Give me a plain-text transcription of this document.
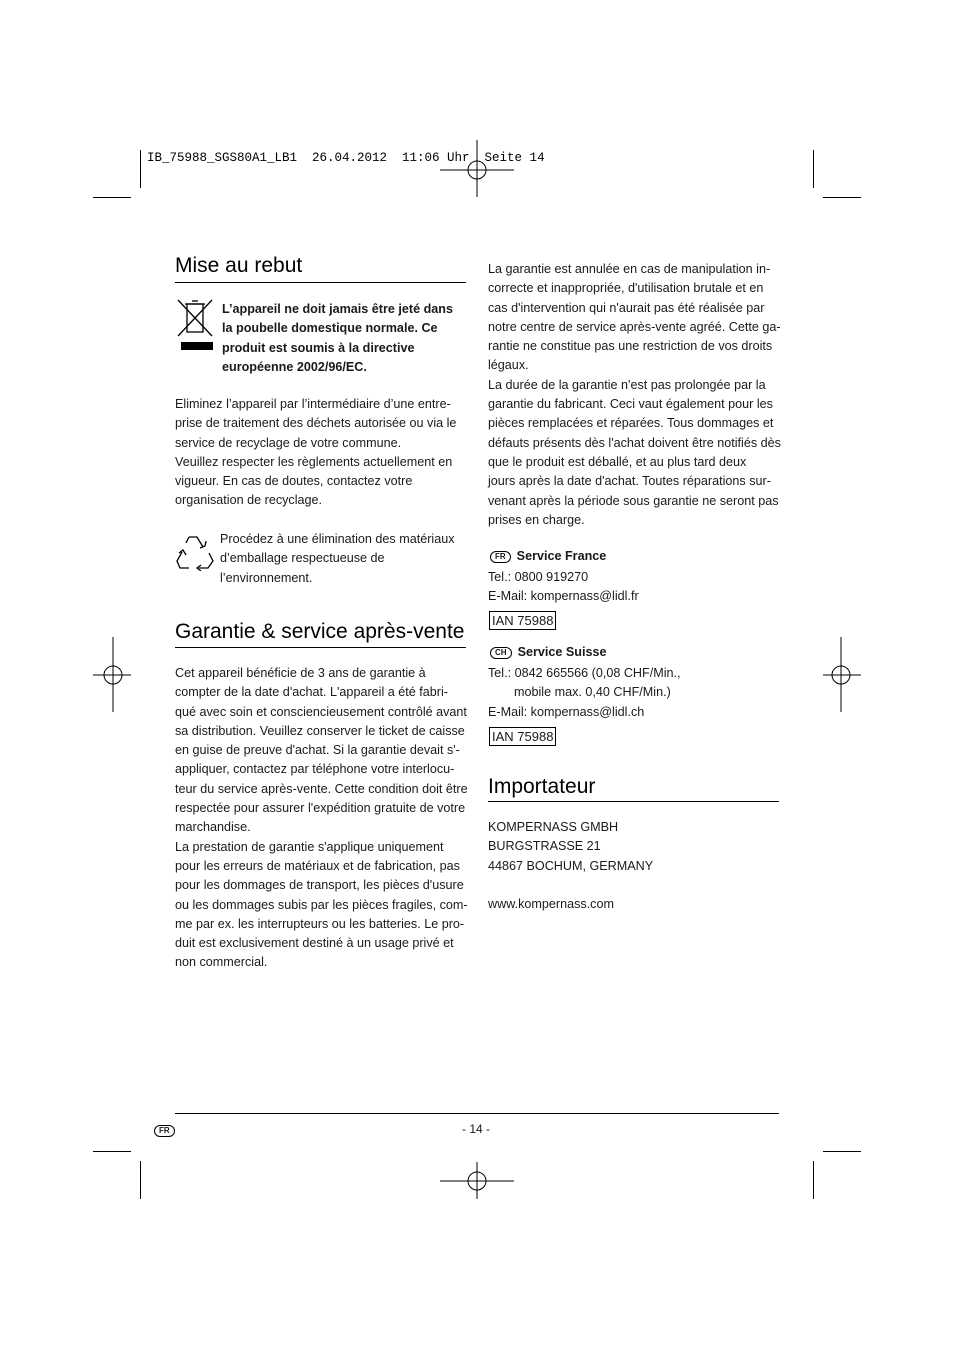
IB_75988_SGS80A1_LB1  26.04.2012  11:06 Uhr  Seite 14
Mise au rebut
L’appareil ne doit jamais être jeté dans
la poubelle domestique normale. Ce
produit est soumis à la directive
européenne 2002/96/EC.
Eliminez l’appareil par l’intermédiaire d’une entre-
prise de traitement des déchets autorisée ou via le
service de recyclage de votre commune.
Veuillez respecter les règlements actuellement en
vigueur. En cas de doutes, contactez votre
organisation de recyclage.
Procédez à une élimination des matériaux
d’emballage respectueuse de
l’environnement.
Garantie & service après-vente
Cet appareil bénéficie de 3 ans de garantie à
compter de la date d'achat. L'appareil a été fabri-
qué avec soin et consciencieusement contrôlé avant
sa distribution. Veuillez conserver le ticket de caisse
en guise de preuve d'achat. Si la garantie devait s'-
appliquer, contactez par téléphone votre interlocu-
teur du service après-vente. Cette condition doit être
respectée pour assurer l'expédition gratuite de votre
marchandise.
La prestation de garantie s'applique uniquement
pour les erreurs de matériaux et de fabrication, pas
pour les dommages de transport, les pièces d'usure
ou les dommages subis par les pièces fragiles, com-
me par ex. les interrupteurs ou les batteries. Le pro-
duit est exclusivement destiné à un usage privé et
non commercial.
La garantie est annulée en cas de manipulation in-
correcte et inappropriée, d'utilisation brutale et en
cas d'intervention qui n'aurait pas été réalisée par
notre centre de service après-vente agréé. Cette ga-
rantie ne constitue pas une restriction de vos droits
légaux.
La durée de la garantie n'est pas prolongée par la
garantie du fabricant. Ceci vaut également pour les
pièces remplacées et réparées. Tous dommages et
défauts présents dès l'achat doivent être notifiés dès
que le produit est déballé, et au plus tard deux
jours après la date d'achat. Toutes réparations sur-
venant après la période sous garantie ne seront pas
prises en charge.
FR Service France
Tel.: 0800 919270
E-Mail: kompernass@lidl.fr
IAN 75988
CH Service Suisse
Tel.: 0842 665566 (0,08 CHF/Min.,
mobile max. 0,40 CHF/Min.)
E-Mail: kompernass@lidl.ch
IAN 75988
Importateur
KOMPERNASS GMBH
BURGSTRASSE 21
44867 BOCHUM, GERMANY
www.kompernass.com
FR	- 14 -
